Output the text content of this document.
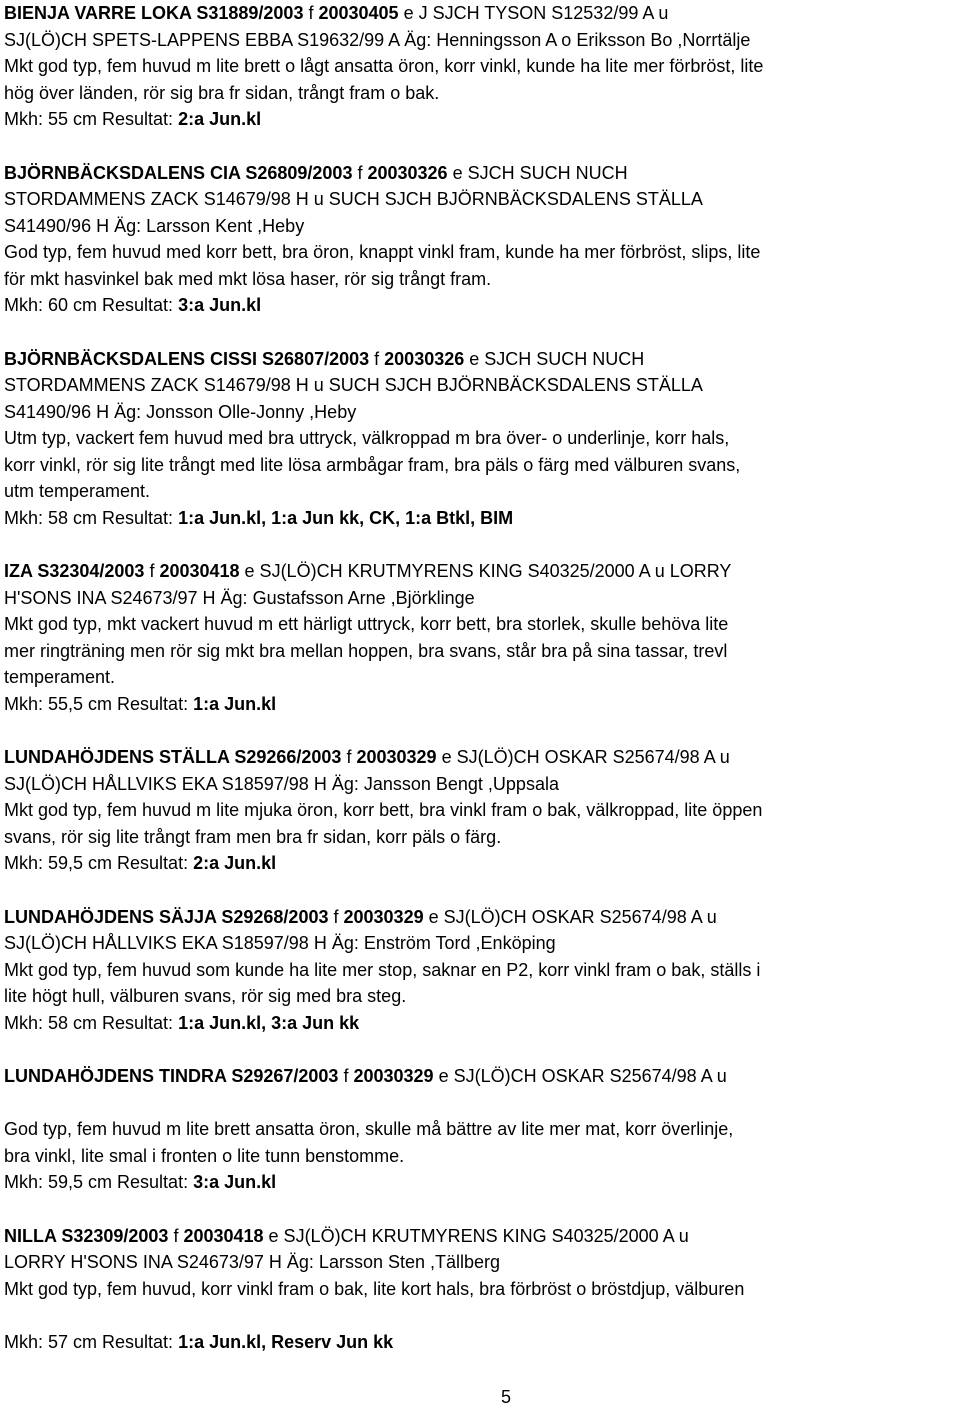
BIENJA VARRE LOKA S31889/2003 f 20030405 e J SJCH TYSON S12532/99 A u
SJ(LÖ)CH SPETS-LAPPENS EBBA S19632/99 A Äg: Henningsson A o Eriksson Bo ,Norrtälje
Mkt god typ, fem huvud m lite brett o lågt ansatta öron, korr vinkl, kunde ha lite mer förbröst, lite
hög över länden, rör sig bra fr sidan, trångt fram o bak.
Mkh: 55 cm Resultat: 2:a Jun.kl
BJÖRNBÄCKSDALENS CIA S26809/2003 f 20030326 e SJCH SUCH NUCH
STORDAMMENS ZACK S14679/98 H u SUCH SJCH BJÖRNBÄCKSDALENS STÄLLA
S41490/96 H Äg: Larsson Kent ,Heby
God typ, fem huvud med korr bett, bra öron, knappt vinkl fram, kunde ha mer förbröst, slips, lite
för mkt hasvinkel bak med mkt lösa haser, rör sig trångt fram.
Mkh: 60 cm Resultat: 3:a Jun.kl
BJÖRNBÄCKSDALENS CISSI S26807/2003 f 20030326 e SJCH SUCH NUCH
STORDAMMENS ZACK S14679/98 H u SUCH SJCH BJÖRNBÄCKSDALENS STÄLLA
S41490/96 H Äg: Jonsson Olle-Jonny ,Heby
Utm typ, vackert fem huvud med bra uttryck, välkroppad m bra över- o underlinje, korr hals,
korr vinkl, rör sig lite trångt med lite lösa armbågar fram, bra päls o färg med välburen svans,
utm temperament.
Mkh: 58 cm Resultat: 1:a Jun.kl, 1:a Jun kk, CK, 1:a Btkl, BIM
IZA S32304/2003 f 20030418 e SJ(LÖ)CH KRUTMYRENS KING S40325/2000 A u LORRY
H'SONS INA S24673/97 H Äg: Gustafsson Arne ,Björklinge
Mkt god typ, mkt vackert huvud m ett härligt uttryck, korr bett, bra storlek, skulle behöva lite
mer ringträning men rör sig mkt bra mellan hoppen, bra svans, står bra på sina tassar, trevl
temperament.
Mkh: 55,5 cm Resultat: 1:a Jun.kl
LUNDAHÖJDENS STÄLLA S29266/2003 f 20030329 e SJ(LÖ)CH OSKAR S25674/98 A u
SJ(LÖ)CH HÅLLVIKS EKA S18597/98 H Äg: Jansson Bengt ,Uppsala
Mkt god typ, fem huvud m lite mjuka öron, korr bett, bra vinkl fram o bak, välkroppad, lite öppen
svans, rör sig lite trångt fram men bra fr sidan, korr päls o färg.
Mkh: 59,5 cm Resultat: 2:a Jun.kl
LUNDAHÖJDENS SÄJJA S29268/2003 f 20030329 e SJ(LÖ)CH OSKAR S25674/98 A u
SJ(LÖ)CH HÅLLVIKS EKA S18597/98 H Äg: Enström Tord ,Enköping
Mkt god typ, fem huvud som kunde ha lite mer stop, saknar en P2, korr vinkl fram o bak, ställs i
lite högt hull, välburen svans, rör sig med bra steg.
Mkh: 58 cm Resultat: 1:a Jun.kl, 3:a Jun kk
LUNDAHÖJDENS TINDRA S29267/2003 f 20030329 e SJ(LÖ)CH OSKAR S25674/98 A u
God typ, fem huvud m lite brett ansatta öron, skulle må bättre av lite mer mat, korr överlinje,
bra vinkl, lite smal i fronten o lite tunn benstomme.
Mkh: 59,5 cm Resultat: 3:a Jun.kl
NILLA S32309/2003 f 20030418 e SJ(LÖ)CH KRUTMYRENS KING S40325/2000 A u
LORRY H'SONS INA S24673/97 H Äg: Larsson Sten ,Tällberg
Mkt god typ, fem huvud, korr vinkl fram o bak, lite kort hals, bra förbröst o bröstdjup, välburen
Mkh: 57 cm Resultat: 1:a Jun.kl, Reserv Jun kk
5
